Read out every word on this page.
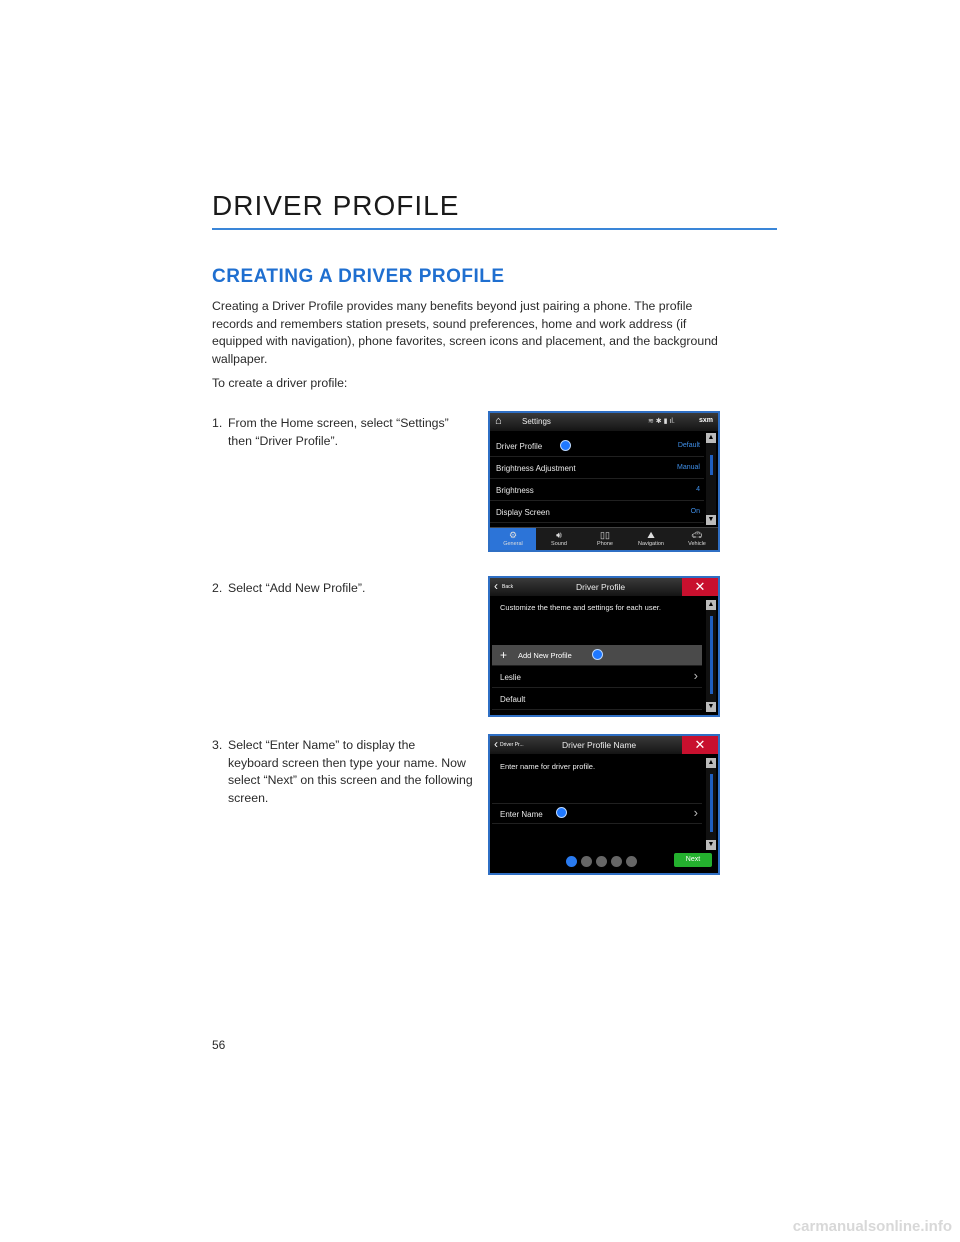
DRIVER PROFILE
CREATING A DRIVER PROFILE

Creating a Driver Profile provides many benefits beyond just pairing a phone. The profile records and remembers station presets, sound preferences, home and work address (if equipped with navigation), phone favorites, screen icons and placement, and the background wallpaper.

To create a driver profile:

1. From the Home screen, select “Settings”
then “Driver Profile”.
2. Select “Add New Profile”.
3. Select “Enter Name” to display the
keyboard screen then type your name. Now select “Next” on this screen and the following screen.
⌂	Settings	≋ ✱ ▮ ıl.	sxm
Driver Profile	Default
Brightness Adjustment	Manual
Brightness	4
Display Screen	On
▲
▼
⚙
General
🔊︎
Sound
▯▯
Phone
⛰
Navigation
🚗︎
Vehicle
‹ Back	Driver Profile	✕
Customize the theme and settings for each user.
+ Add New Profile
Leslie	›
Default
▲
▼
‹ Driver Pr...	Driver Profile Name	✕
Enter name for driver profile.
Enter Name	›
▲
▼
Next
56
carmanualsonline.info
